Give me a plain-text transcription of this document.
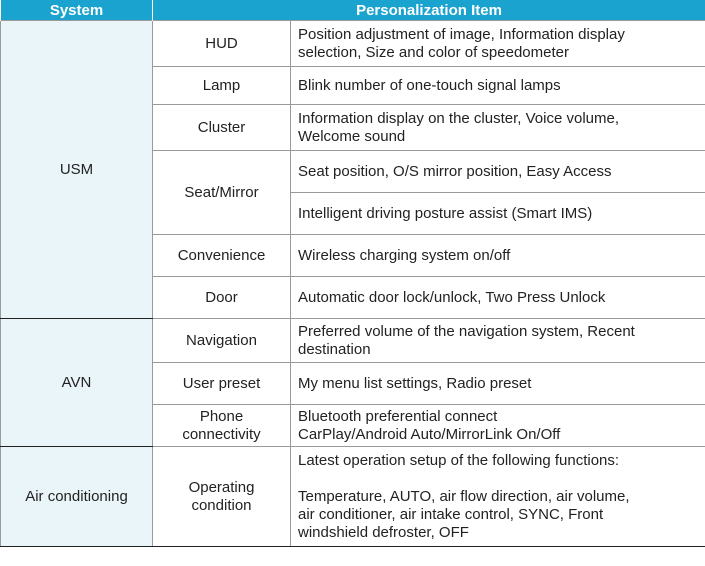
System	Personalization Item	
USM	HUD	Position adjustment of image, Information display
selection, Size and color of speedometer
	Lamp	Blink number of one-touch signal lamps
	Cluster	Information display on the cluster, Voice volume,
Welcome sound
	Seat/Mirror	Seat position, O/S mirror position, Easy Access
		Intelligent driving posture assist (Smart IMS)
	Convenience	Wireless charging system on/off
	Door	Automatic door lock/unlock, Two Press Unlock
AVN	Navigation	Preferred volume of the navigation system, Recent
destination
	User preset	My menu list settings, Radio preset
	Phone
connectivity	Bluetooth preferential connect
CarPlay/Android Auto/MirrorLink On/Off
Air conditioning	Operating
condition	Latest operation setup of the following functions:
Temperature, AUTO, air flow direction, air volume,
air conditioner, air intake control, SYNC, Front
windshield defroster, OFF
